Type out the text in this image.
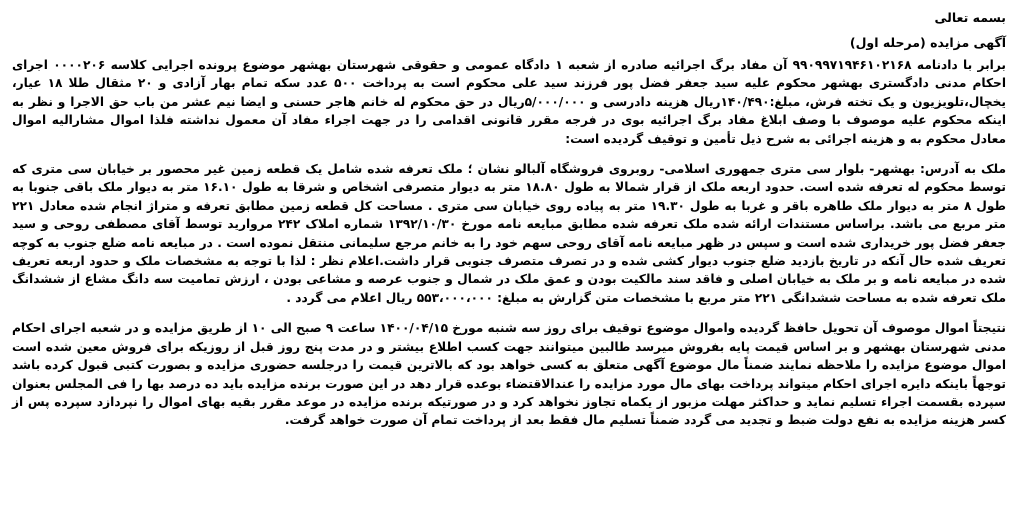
بسمه تعالی

آگهی مزایده (مرحله اول)

برابر با دادنامه ۹۹۰۹۹۷۱۹۴۶۱۰۲۱۶۸ آن مفاد برگ اجرائیه صادره از شعبه ۱ دادگاه عمومی و حقوقی شهرستان بهشهر موضوع پرونده اجرایی کلاسه ۰۰۰۰۲۰۶ اجرای احکام مدنی دادگستری بهشهر محکوم علیه سید جعفر فضل پور فرزند سید علی محکوم است به پرداخت ۵۰۰ عدد سکه تمام بهار آزادی و ۲۰ مثقال طلا ۱۸ عیار، یخچال،تلویزیون و یک تخته فرش، مبلغ:۱۴۰/۴۹۰ریال هزینه دادرسی و ۵/۰۰۰/۰۰۰ریال در حق محکوم له خانم هاجر حسنی و ایضا نیم عشر من باب حق الاجرا و نظر به اینکه محکوم علیه موصوف با وصف ابلاغ مفاد برگ اجرائیه بوی در فرجه مقرر قانونی اقدامی را در جهت اجراء مفاد آن معمول نداشته فلذا اموال مشارالیه اموال معادل محکوم به و هزینه اجرائی به شرح ذیل تأمین و توقیف گردیده است:

ملک به آدرس: بهشهر- بلوار سی متری جمهوری اسلامی- روبروی فروشگاه آلبالو نشان ؛ ملک تعرفه شده شامل یک قطعه زمین غیر محصور بر خیابان سی متری که توسط محکوم له تعرفه شده است. حدود اربعه ملک از قرار شمالا به طول ۱۸.۸۰ متر به دیوار متصرفی اشخاص و شرقا به طول ۱۶.۱۰ متر به دیوار ملک باقی جنوبا به طول ۸ متر به دیوار ملک طاهره باقر و غربا به طول ۱۹.۳۰ متر به پیاده روی خیابان سی متری . مساحت کل قطعه زمین مطابق تعرفه و متراژ انجام شده معادل ۲۲۱ متر مربع می باشد. براساس مستندات ارائه شده ملک تعرفه شده مطابق مبایعه نامه مورخ ۱۳۹۲/۱۰/۳۰ شماره املاک ۲۴۲ مروارید توسط آقای مصطفی روحی و سید جعفر فضل پور خریداری شده است و سپس در ظهر مبایعه نامه آقای روحی سهم خود را به خانم مرجع سلیمانی منتقل نموده است . در مبایعه نامه ضلع جنوب به کوچه تعریف شده حال آنکه در تاریخ بازدید ضلع جنوب دیوار کشی شده و در تصرف متصرف جنوبی قرار داشت.اعلام نظر : لذا با توجه به مشخصات ملک و حدود اربعه تعریف شده در مبایعه نامه و بر ملک به خیابان اصلی و فاقد سند مالکیت بودن و عمق ملک در شمال و جنوب عرصه و مشاعی بودن ، ارزش تمامیت سه دانگ مشاع از ششدانگ ملک تعرفه شده به مساحت ششدانگی ۲۲۱ متر مربع با مشخصات متن گزارش به مبلغ: ۵۵۳،۰۰۰،۰۰۰ ریال اعلام می گردد .

نتیجتاً اموال موصوف آن تحویل حافظ گردیده واموال موضوع توقیف برای روز سه شنبه مورخ ۱۴۰۰/۰۴/۱۵ ساعت ۹ صبح الی ۱۰ از طریق مزایده و در شعبه اجرای احکام مدنی شهرستان بهشهر و بر اساس قیمت پایه بفروش میرسد طالبین میتوانند جهت کسب اطلاع بیشتر و در مدت پنج روز قبل از روزیکه برای فروش معین شده است اموال موضوع مزایده را ملاحظه نمایند ضمناً مال موضوع آگهی متعلق به کسی خواهد بود که بالاترین قیمت را درجلسه حضوری مزایده و بصورت کتبی قبول کرده باشد توجهاً باینکه دایره اجرای احکام میتواند پرداخت بهای مال مورد مزایده را عندالاقتضاء بوعده قرار دهد در این صورت برنده مزایده باید ده درصد بها را فی المجلس بعنوان سپرده بقسمت اجراء تسلیم نماید و حداکثر مهلت مزبور از یکماه تجاوز نخواهد کرد و در صورتیکه برنده مزایده در موعد مقرر بقیه بهای اموال را نپردازد سپرده پس از کسر هزینه مزایده به نفع دولت ضبط و تجدید می گردد ضمناً تسلیم مال فقط بعد از پرداخت تمام آن صورت خواهد گرفت.
